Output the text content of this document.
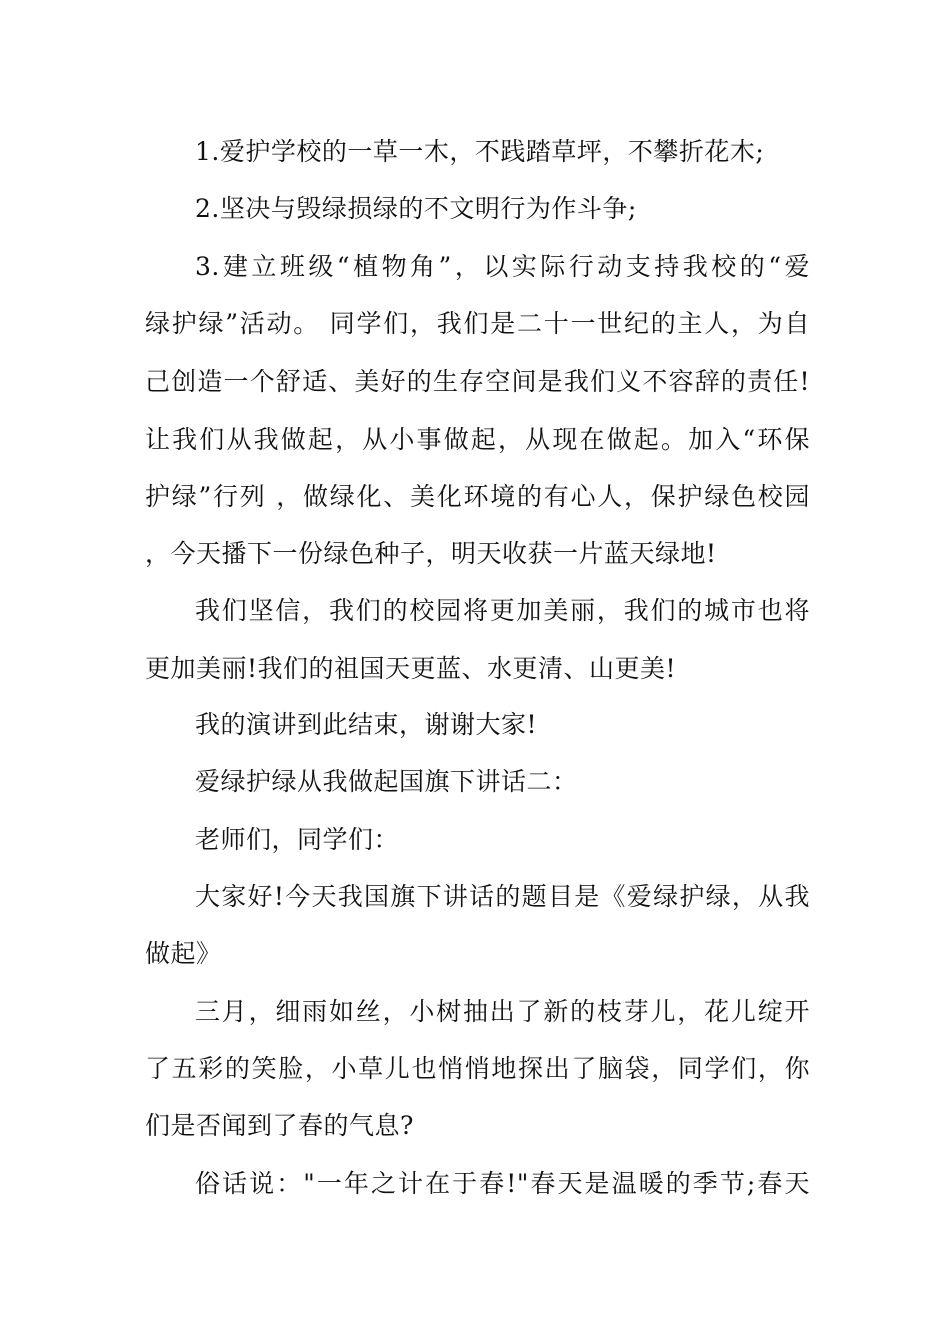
1.爱护学校的一草一木，不践踏草坪，不攀折花木;
2.坚决与毁绿损绿的不文明行为作斗争;
3.建立班级“植物角”，以实际行动支持我校的“爱
绿护绿”活动。 同学们，我们是二十一世纪的主人，为自
己创造一个舒适、美好的生存空间是我们义不容辞的责任!
让我们从我做起，从小事做起，从现在做起。加入“环保
护绿”行列 ，做绿化、美化环境的有心人，保护绿色校园
，今天播下一份绿色种子，明天收获一片蓝天绿地!
我们坚信，我们的校园将更加美丽，我们的城市也将
更加美丽!我们的祖国天更蓝、水更清、山更美!
我的演讲到此结束，谢谢大家!
爱绿护绿从我做起国旗下讲话二：
老师们，同学们：
大家好!今天我国旗下讲话的题目是《爱绿护绿，从我
做起》
三月，细雨如丝，小树抽出了新的枝芽儿，花儿绽开
了五彩的笑脸，小草儿也悄悄地探出了脑袋，同学们，你
们是否闻到了春的气息?
俗话说："一年之计在于春!"春天是温暖的季节;春天
